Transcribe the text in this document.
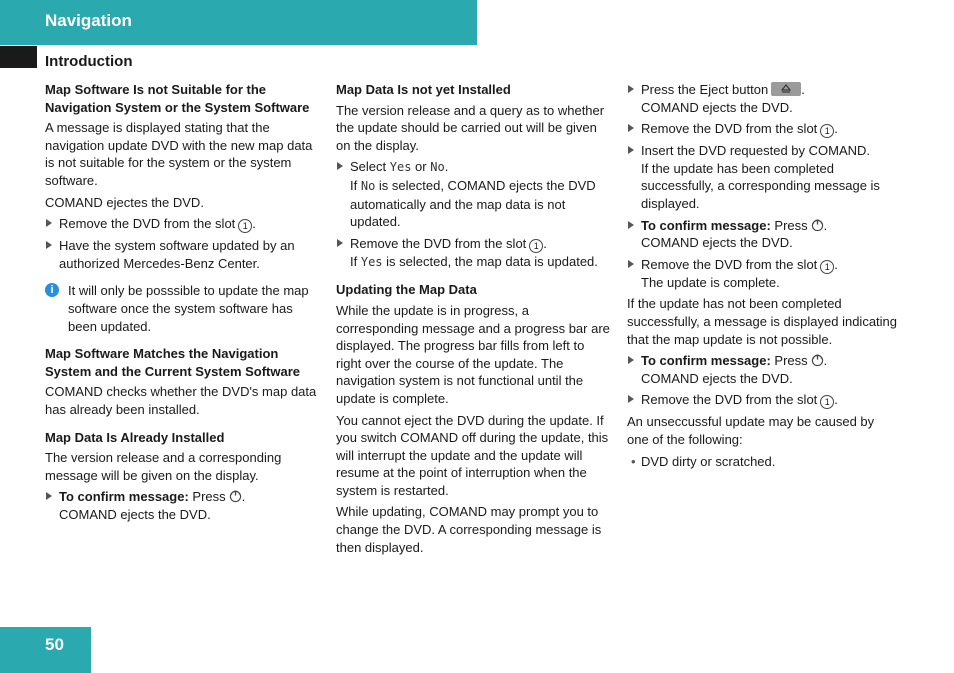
Navigation
Introduction
Map Software Is not Suitable for the Navigation System or the System Software
A message is displayed stating that the navigation update DVD with the new map data is not suitable for the system or the system software.
COMAND ejectes the DVD.
Remove the DVD from the slot 1 .
Have the system software updated by an authorized Mercedes-Benz Center.
i	It will only be posssible to update the map software once the system software has been updated.
Map Software Matches the Navigation System and the Current System Software
COMAND checks whether the DVD's map data has already been installed.
Map Data Is Already Installed
The version release and a corresponding message will be given on the display.
To confirm message: Press .
COMAND ejects the DVD.
Map Data Is not yet Installed
The version release and a query as to whether the update should be carried out will be given on the display.
Select Yes or No.
If No is selected, COMAND ejects the DVD automatically and the map data is not updated.
Remove the DVD from the slot 1 .
If Yes is selected, the map data is updated.
Updating the Map Data
While the update is in progress, a corresponding message and a progress bar are displayed. The progress bar fills from left to right over the course of the update. The navigation system is not functional until the update is complete.
You cannot eject the DVD during the update. If you switch COMAND off during the update, this will interrupt the update and the update will resume at the point of interruption when the system is restarted.
While updating, COMAND may prompt you to change the DVD. A corresponding message is then displayed.
Press the Eject button	.
COMAND ejects the DVD.
Remove the DVD from the slot 1 .
Insert the DVD requested by COMAND.
If the update has been completed successfully, a corresponding message is displayed.
To confirm message: Press .
COMAND ejects the DVD.
Remove the DVD from the slot 1 .
The update is complete.
If the update has not been completed successfully, a message is displayed indicating that the map update is not possible.
To confirm message: Press .
COMAND ejects the DVD.
Remove the DVD from the slot 1 .
An unseccussful update may be caused by one of the following:
• DVD dirty or scratched.
50
